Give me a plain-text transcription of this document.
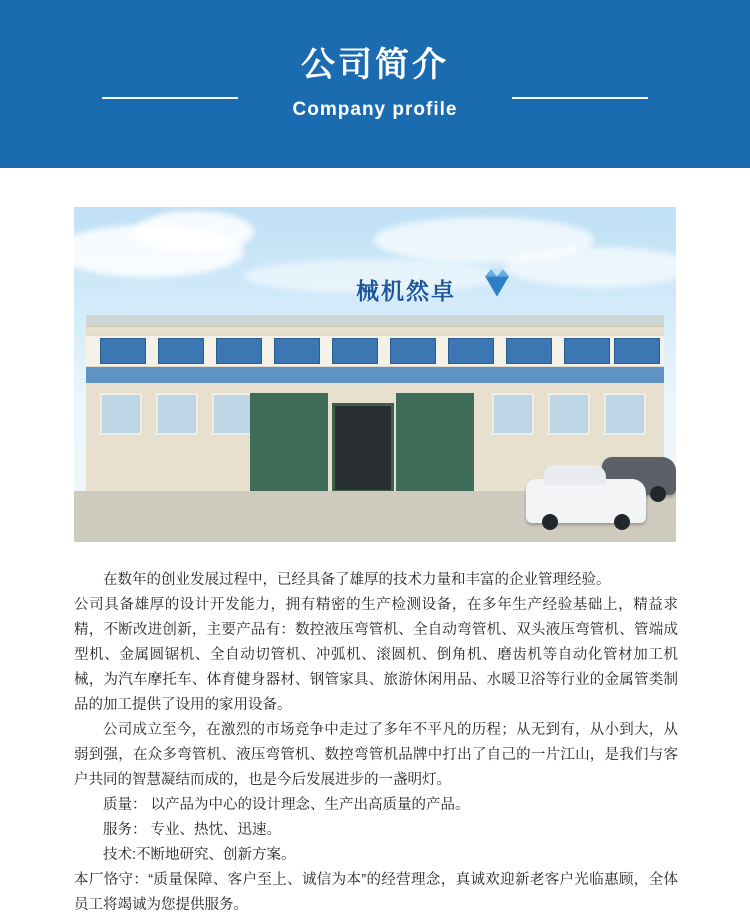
公司简介
Company profile
械机然卓

在数年的创业发展过程中，已经具备了雄厚的技术力量和丰富的企业管理经验。

公司具备雄厚的设计开发能力，拥有精密的生产检测设备，在多年生产经验基础上，精益求精，不断改进创新，主要产品有：数控液压弯管机、全自动弯管机、双头液压弯管机、管端成型机、金属圆锯机、全自动切管机、冲弧机、滚圆机、倒角机、磨齿机等自动化管材加工机械，为汽车摩托车、体育健身器材、钢管家具、旅游休闲用品、水暖卫浴等行业的金属管类制品的加工提供了设用的家用设备。

公司成立至今，在激烈的市场竞争中走过了多年不平凡的历程；从无到有，从小到大，从弱到强，在众多弯管机、液压弯管机、数控弯管机品牌中打出了自己的一片江山，是我们与客户共同的智慧凝结而成的，也是今后发展进步的一盏明灯。

质量： 以产品为中心的设计理念、生产出高质量的产品。

服务： 专业、热忱、迅速。

技术:不断地研究、创新方案。

本厂恪守：“质量保障、客户至上、诚信为本”的经营理念，真诚欢迎新老客户光临惠顾，全体员工将竭诚为您提供服务。
